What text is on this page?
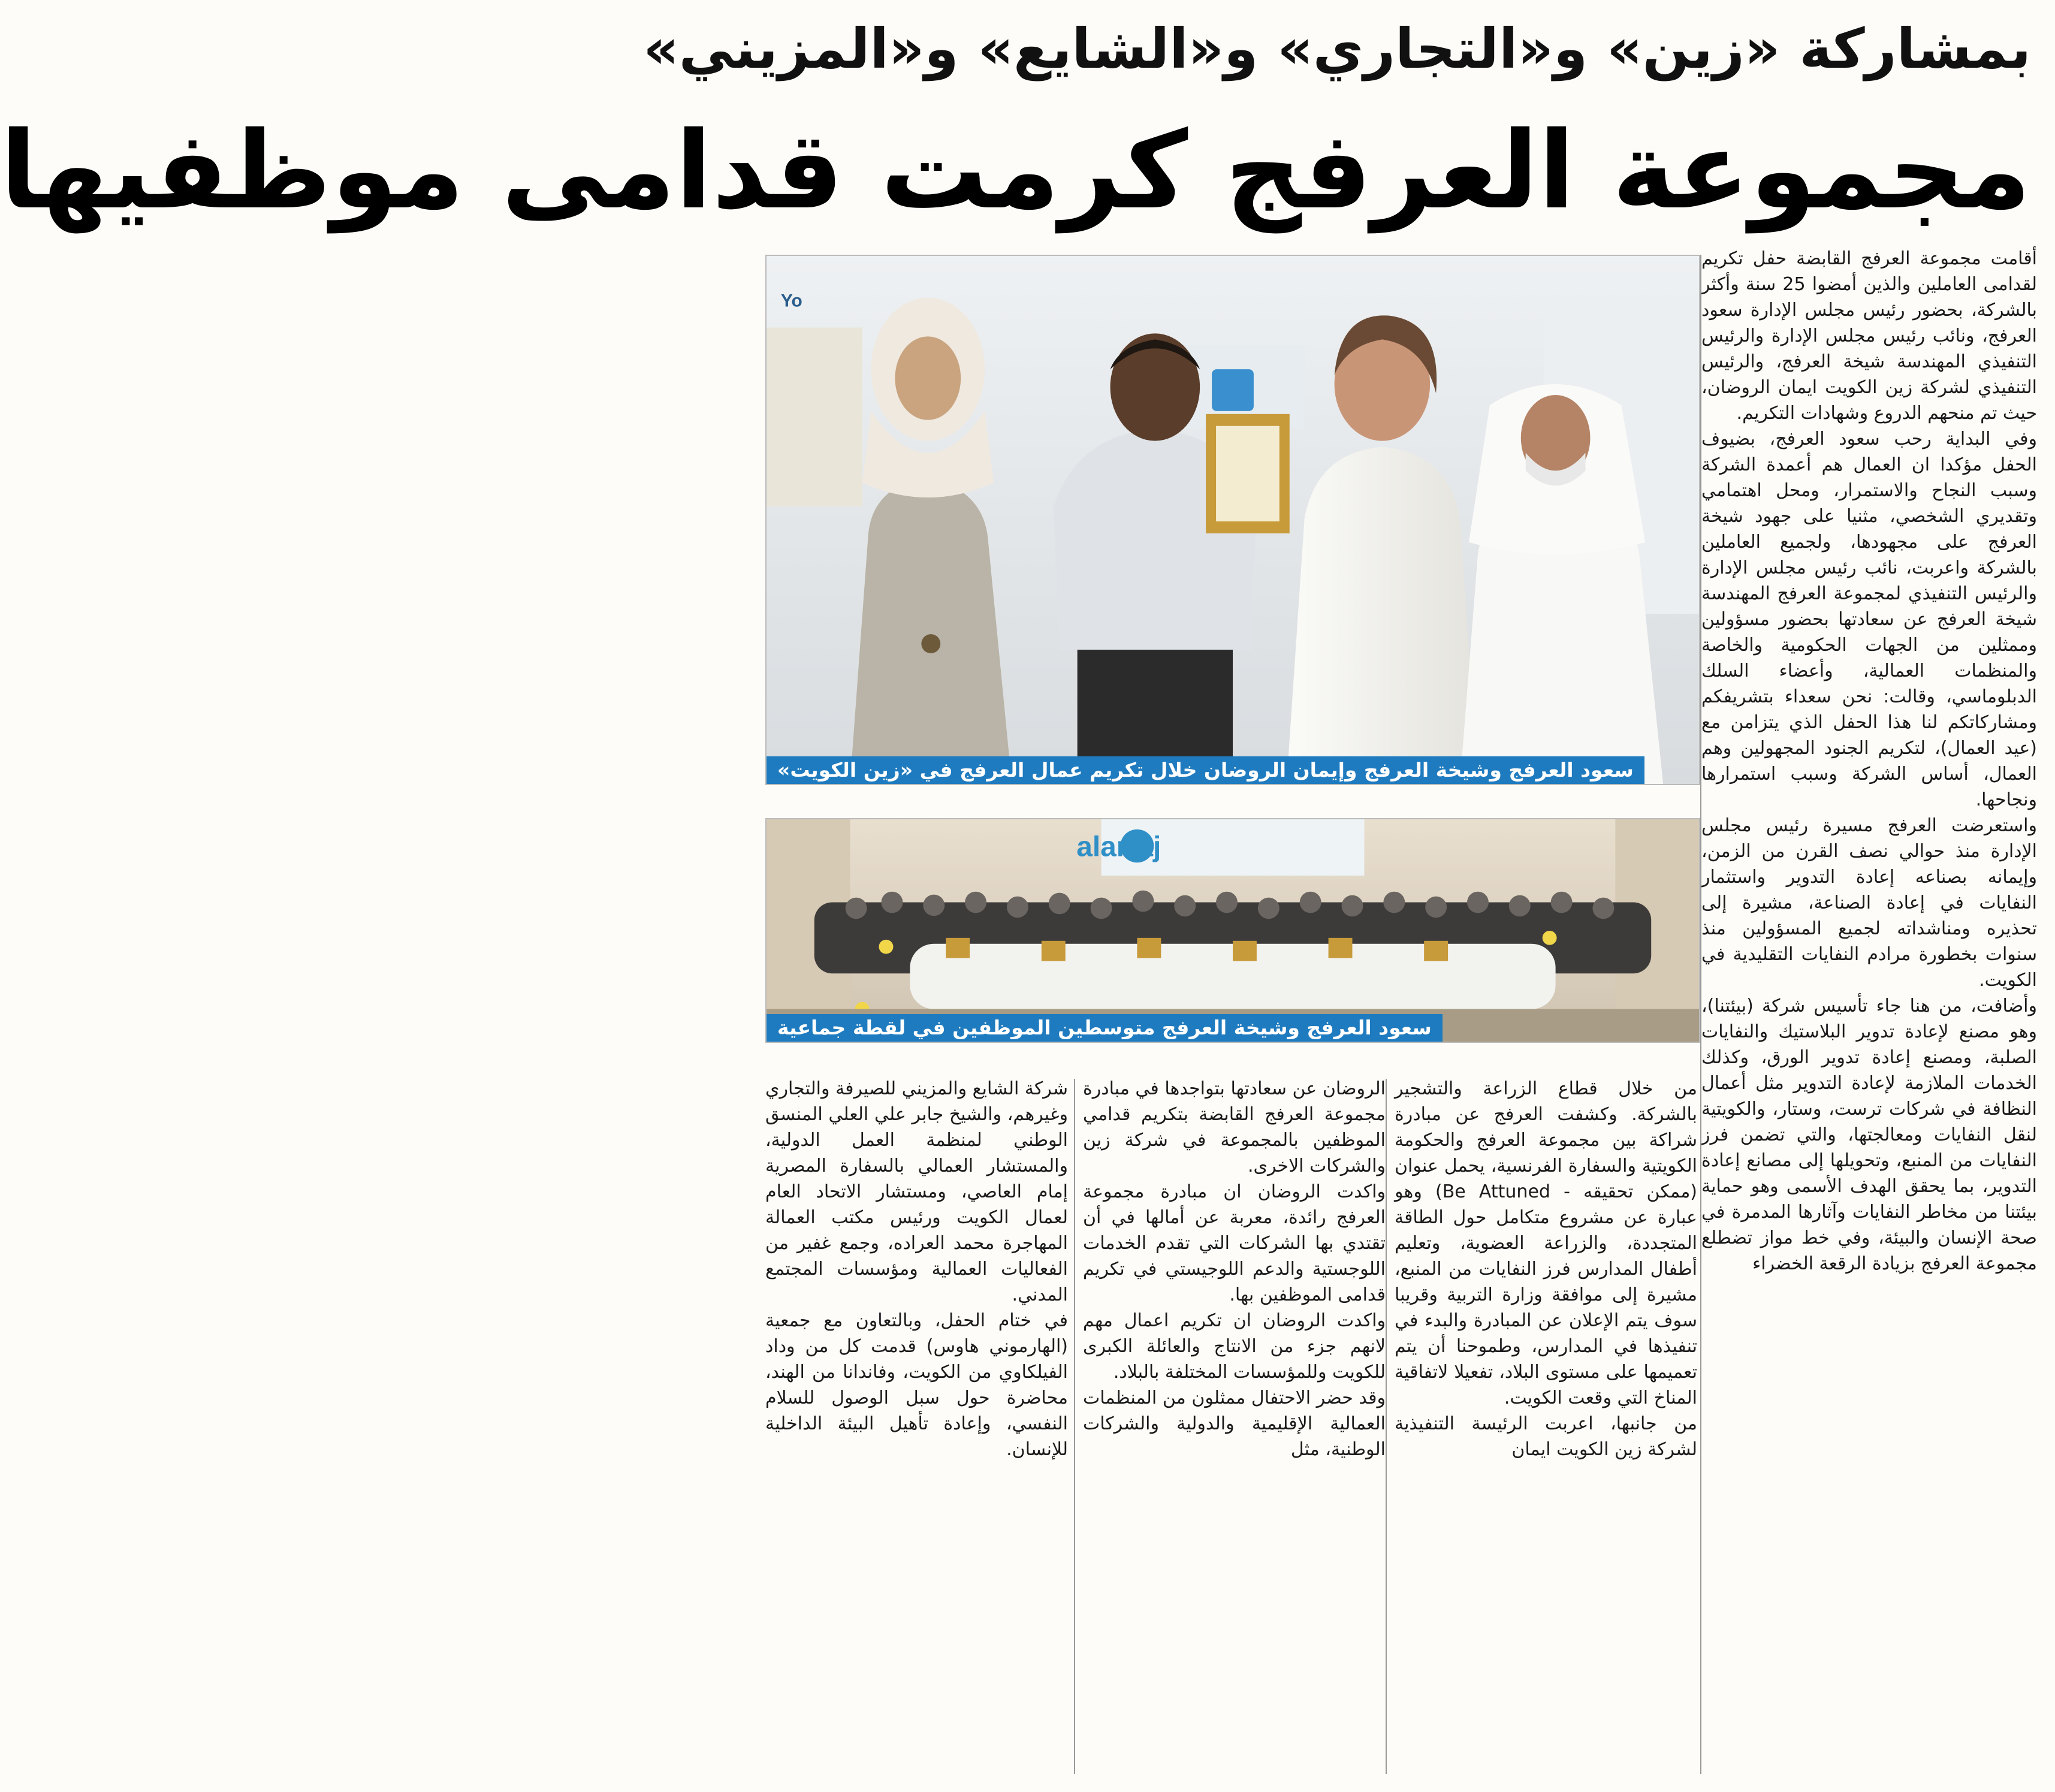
بمشاركة «زين» و«التجاري» و«الشايع» و«المزيني»
مجموعة العرفج كرمت قدامى موظفيها

أقامت مجموعة العرفج القابضة حفل تكريم لقدامى العاملين والذين أمضوا 25 سنة وأكثر بالشركة، بحضور رئيس مجلس الإدارة سعود العرفج، ونائب رئيس مجلس الإدارة والرئيس التنفيذي المهندسة شيخة العرفج، والرئيس التنفيذي لشركة زين الكويت ايمان الروضان، حيث تم منحهم الدروع وشهادات التكريم.

وفي البداية رحب سعود العرفج، بضيوف الحفل مؤكدا ان العمال هم أعمدة الشركة وسبب النجاح والاستمرار، ومحل اهتمامي وتقديري الشخصي، مثنيا على جهود شيخة العرفج على مجهودها، ولجميع العاملين بالشركة واعربت، نائب رئيس مجلس الإدارة والرئيس التنفيذي لمجموعة العرفج المهندسة شيخة العرفج عن سعادتها بحضور مسؤولين وممثلين من الجهات الحكومية والخاصة والمنظمات العمالية، وأعضاء السلك الدبلوماسي، وقالت: نحن سعداء بتشريفكم ومشاركاتكم لنا هذا الحفل الذي يتزامن مع (عيد العمال)، لتكريم الجنود المجهولين وهم العمال، أساس الشركة وسبب استمرارها ونجاحها.

واستعرضت العرفج مسيرة رئيس مجلس الإدارة منذ حوالي نصف القرن من الزمن، وإيمانه بصناعه إعادة التدوير واستثمار النفايات في إعادة الصناعة، مشيرة إلى تحذيره ومناشداته لجميع المسؤولين منذ سنوات بخطورة مرادم النفايات التقليدية في الكويت.

وأضافت، من هنا جاء تأسيس شركة (بيئتنا)، وهو مصنع لإعادة تدوير البلاستيك والنفايات الصلبة، ومصنع إعادة تدوير الورق، وكذلك الخدمات الملازمة لإعادة التدوير مثل أعمال النظافة في شركات ترست، وستار، والكويتية لنقل النفايات ومعالجتها، والتي تضمن فرز النفايات من المنبع، وتحويلها إلى مصانع إعادة التدوير، بما يحقق الهدف الأسمى وهو حماية بيئتنا من مخاطر النفايات وآثارها المدمرة في صحة الإنسان والبيئة، وفي خط مواز تضطلع مجموعة العرفج بزيادة الرقعة الخضراء

Yo
سعود العرفج وشيخة العرفج وإيمان الروضان خلال تكريم عمال العرفج في «زين الكويت»
alarfaj
سعود العرفج وشيخة العرفج متوسطين الموظفين في لقطة جماعية

من خلال قطاع الزراعة والتشجير بالشركة. وكشفت العرفج عن مبادرة شراكة بين مجموعة العرفج والحكومة الكويتية والسفارة الفرنسية، يحمل عنوان (ممكن تحقيقه - Be Attuned) وهو عبارة عن مشروع متكامل حول الطاقة المتجددة، والزراعة العضوية، وتعليم أطفال المدارس فرز النفايات من المنبع، مشيرة إلى موافقة وزارة التربية وقريبا سوف يتم الإعلان عن المبادرة والبدء في تنفيذها في المدارس، وطموحنا أن يتم تعميمها على مستوى البلاد، تفعيلا لاتفاقية المناخ التي وقعت الكويت.

من جانبها، اعربت الرئيسة التنفيذية لشركة زين الكويت ايمان

الروضان عن سعادتها بتواجدها في مبادرة مجموعة العرفج القابضة بتكريم قدامي الموظفين بالمجموعة في شركة زين والشركات الاخرى.

واكدت الروضان ان مبادرة مجموعة العرفج رائدة، معربة عن أمالها في أن تقتدي بها الشركات التي تقدم الخدمات اللوجستية والدعم اللوجيستي في تكريم قدامى الموظفين بها.

واكدت الروضان ان تكريم اعمال مهم لانهم جزء من الانتاج والعائلة الكبرى للكويت وللمؤسسات المختلفة بالبلاد.

وقد حضر الاحتفال ممثلون من المنظمات العمالية الإقليمية والدولية والشركات الوطنية، مثل

شركة الشايع والمزيني للصيرفة والتجاري وغيرهم، والشيخ جابر علي العلي المنسق الوطني لمنظمة العمل الدولية، والمستشار العمالي بالسفارة المصرية إمام العاصي، ومستشار الاتحاد العام لعمال الكويت ورئيس مكتب العمالة المهاجرة محمد العراده، وجمع غفير من الفعاليات العمالية ومؤسسات المجتمع المدني.

في ختام الحفل، وبالتعاون مع جمعية (الهارموني هاوس) قدمت كل من وداد الفيلكاوي من الكويت، وفاندانا من الهند، محاضرة حول سبل الوصول للسلام النفسي، وإعادة تأهيل البيئة الداخلية للإنسان.
